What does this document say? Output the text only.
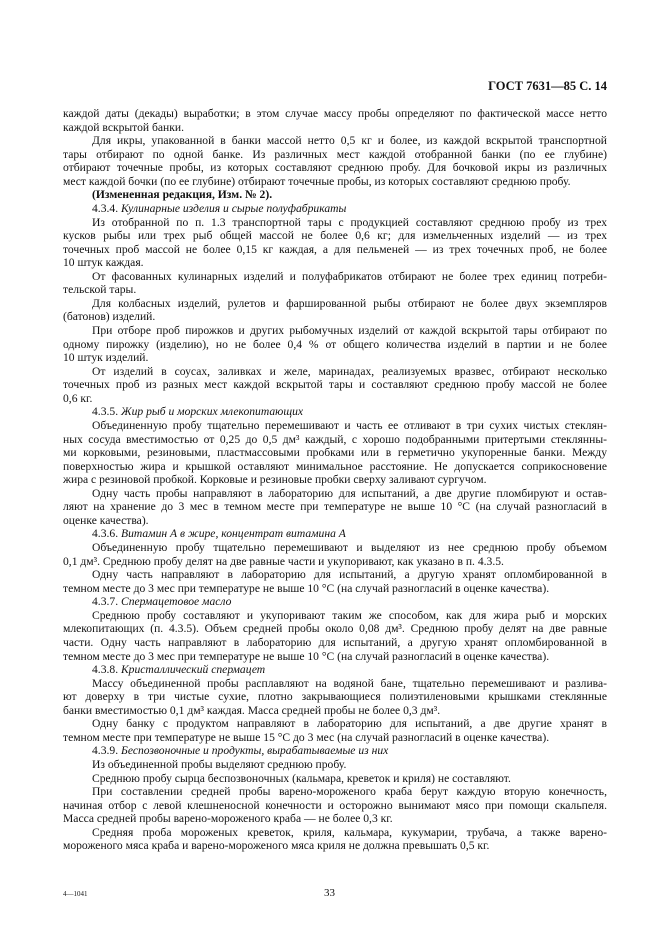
ГОСТ 7631—85 С. 14
каждой даты (декады) выработки; в этом случае массу пробы определяют по фактической массе нетто
каждой вскрытой банки.
Для икры, упакованной в банки массой нетто 0,5 кг и более, из каждой вскрытой транспортной
тары отбирают по одной банке. Из различных мест каждой отобранной банки (по ее глубине)
отбирают точечные пробы, из которых составляют среднюю пробу. Для бочковой икры из различных
мест каждой бочки (по ее глубине) отбирают точечные пробы, из которых составляют среднюю пробу.
(Измененная редакция, Изм. № 2).
4.3.4. Кулинарные изделия и сырые полуфабрикаты
Из отобранной по п. 1.3 транспортной тары с продукцией составляют среднюю пробу из трех
кусков рыбы или трех рыб общей массой не более 0,6 кг; для измельченных изделий — из трех
точечных проб массой не более 0,15 кг каждая, а для пельменей — из трех точечных проб, не более
10 штук каждая.
От фасованных кулинарных изделий и полуфабрикатов отбирают не более трех единиц потреби-
тельской тары.
Для колбасных изделий, рулетов и фаршированной рыбы отбирают не более двух экземпляров
(батонов) изделий.
При отборе проб пирожков и других рыбомучных изделий от каждой вскрытой тары отбирают по
одному пирожку (изделию), но не более 0,4 % от общего количества изделий в партии и не более
10 штук изделий.
От изделий в соусах, заливках и желе, маринадах, реализуемых вразвес, отбирают несколько
точечных проб из разных мест каждой вскрытой тары и составляют среднюю пробу массой не более
0,6 кг.
4.3.5. Жир рыб и морских млекопитающих
Объединенную пробу тщательно перемешивают и часть ее отливают в три сухих чистых стеклян-
ных сосуда вместимостью от 0,25 до 0,5 дм³ каждый, с хорошо подобранными притертыми стеклянны-
ми корковыми, резиновыми, пластмассовыми пробками или в герметично укупоренные банки. Между
поверхностью жира и крышкой оставляют минимальное расстояние. Не допускается соприкосновение
жира с резиновой пробкой. Корковые и резиновые пробки сверху заливают сургучом.
Одну часть пробы направляют в лабораторию для испытаний, а две другие пломбируют и остав-
ляют на хранение до 3 мес в темном месте при температуре не выше 10 °С (на случай разногласий в
оценке качества).
4.3.6. Витамин А в жире, концентрат витамина А
Объединенную пробу тщательно перемешивают и выделяют из нее среднюю пробу объемом
0,1 дм³. Среднюю пробу делят на две равные части и укупоривают, как указано в п. 4.3.5.
Одну часть направляют в лабораторию для испытаний, а другую хранят опломбированной в
темном месте до 3 мес при температуре не выше 10 °С (на случай разногласий в оценке качества).
4.3.7. Спермацетовое масло
Среднюю пробу составляют и укупоривают таким же способом, как для жира рыб и морских
млекопитающих (п. 4.3.5). Объем средней пробы около 0,08 дм³. Среднюю пробу делят на две равные
части. Одну часть направляют в лабораторию для испытаний, а другую хранят опломбированной в
темном месте до 3 мес при температуре не выше 10 °С (на случай разногласий в оценке качества).
4.3.8. Кристаллический спермацет
Массу объединенной пробы расплавляют на водяной бане, тщательно перемешивают и разлива-
ют доверху в три чистые сухие, плотно закрывающиеся полиэтиленовыми крышками стеклянные
банки вместимостью 0,1 дм³ каждая. Масса средней пробы не более 0,3 дм³.
Одну банку с продуктом направляют в лабораторию для испытаний, а две другие хранят в
темном месте при температуре не выше 15 °С до 3 мес (на случай разногласий в оценке качества).
4.3.9. Беспозвоночные и продукты, вырабатываемые из них
Из объединенной пробы выделяют среднюю пробу.
Среднюю пробу сырца беспозвоночных (кальмара, креветок и криля) не составляют.
При составлении средней пробы варено-мороженого краба берут каждую вторую конечность,
начиная отбор с левой клешненосной конечности и осторожно вынимают мясо при помощи скальпеля.
Масса средней пробы варено-мороженого краба — не более 0,3 кг.
Средняя проба мороженых креветок, криля, кальмара, кукумарии, трубача, а также варено-
мороженого мяса краба и варено-мороженого мяса криля не должна превышать 0,5 кг.
4—1041	33
